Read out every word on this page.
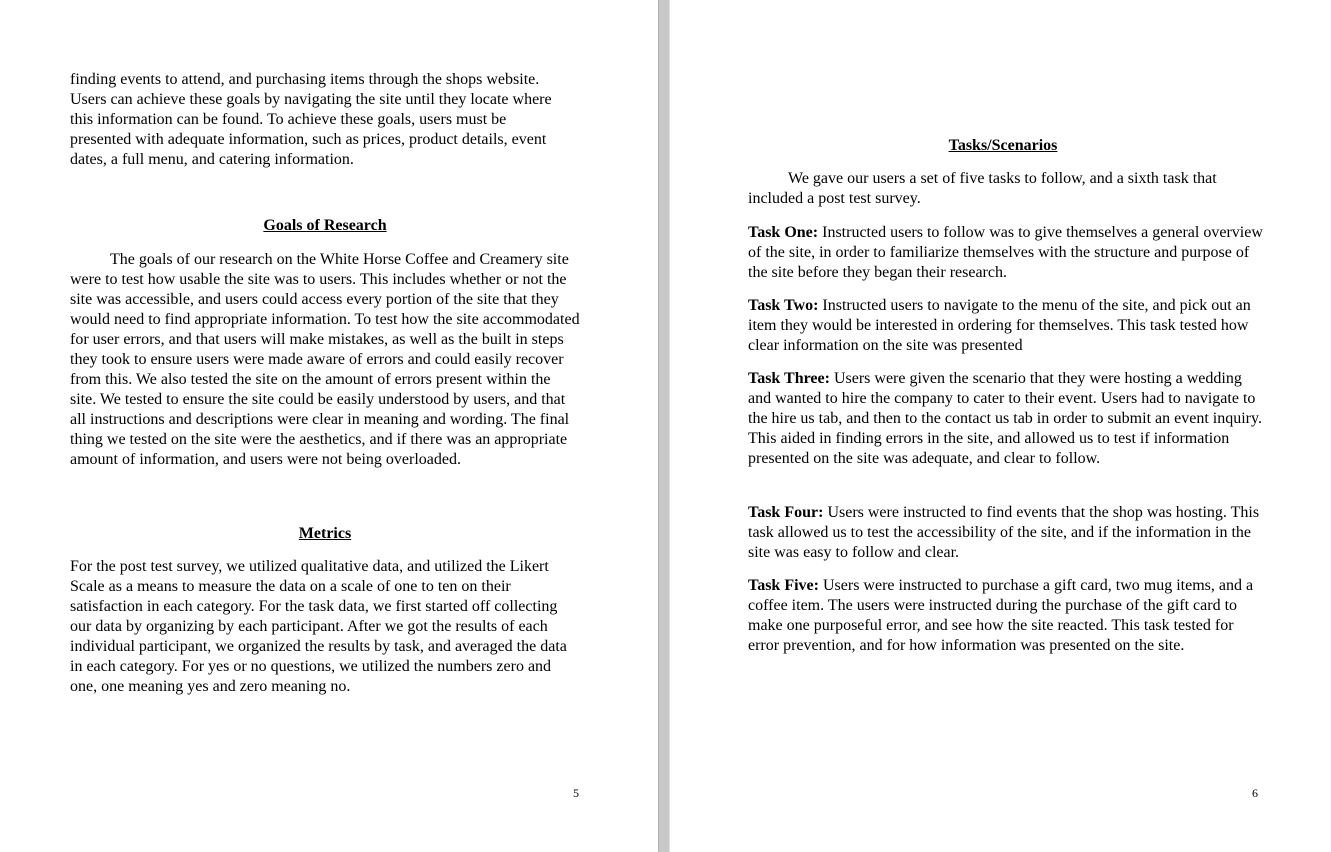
finding events to attend, and purchasing items through the shops website. Users can achieve these goals by navigating the site until they locate where this information can be found. To achieve these goals, users must be presented with adequate information, such as prices, product details, event dates, a full menu, and catering information.

Goals of Research

The goals of our research on the White Horse Coffee and Creamery site were to test how usable the site was to users. This includes whether or not the site was accessible, and users could access every portion of the site that they would need to find appropriate information. To test how the site accommodated for user errors, and that users will make mistakes, as well as the built in steps they took to ensure users were made aware of errors and could easily recover from this. We also tested the site on the amount of errors present within the site. We tested to ensure the site could be easily understood by users, and that all instructions and descriptions were clear in meaning and wording. The final thing we tested on the site were the aesthetics, and if there was an appropriate amount of information, and users were not being overloaded.

Metrics

For the post test survey, we utilized qualitative data, and utilized the Likert Scale as a means to measure the data on a scale of one to ten on their satisfaction in each category. For the task data, we first started off collecting our data by organizing by each participant. After we got the results of each individual participant, we organized the results by task, and averaged the data in each category. For yes or no questions, we utilized the numbers zero and one, one meaning yes and zero meaning no.

5

Tasks/Scenarios

We gave our users a set of five tasks to follow, and a sixth task that included a post test survey.

Task One: Instructed users to follow was to give themselves a general overview of the site, in order to familiarize themselves with the structure and purpose of the site before they began their research.

Task Two: Instructed users to navigate to the menu of the site, and pick out an item they would be interested in ordering for themselves. This task tested how clear information on the site was presented

Task Three: Users were given the scenario that they were hosting a wedding and wanted to hire the company to cater to their event. Users had to navigate to the hire us tab, and then to the contact us tab in order to submit an event inquiry. This aided in finding errors in the site, and allowed us to test if information presented on the site was adequate, and clear to follow.

Task Four: Users were instructed to find events that the shop was hosting. This task allowed us to test the accessibility of the site, and if the information in the site was easy to follow and clear.

Task Five: Users were instructed to purchase a gift card, two mug items, and a coffee item. The users were instructed during the purchase of the gift card to make one purposeful error, and see how the site reacted. This task tested for error prevention, and for how information was presented on the site.

6
